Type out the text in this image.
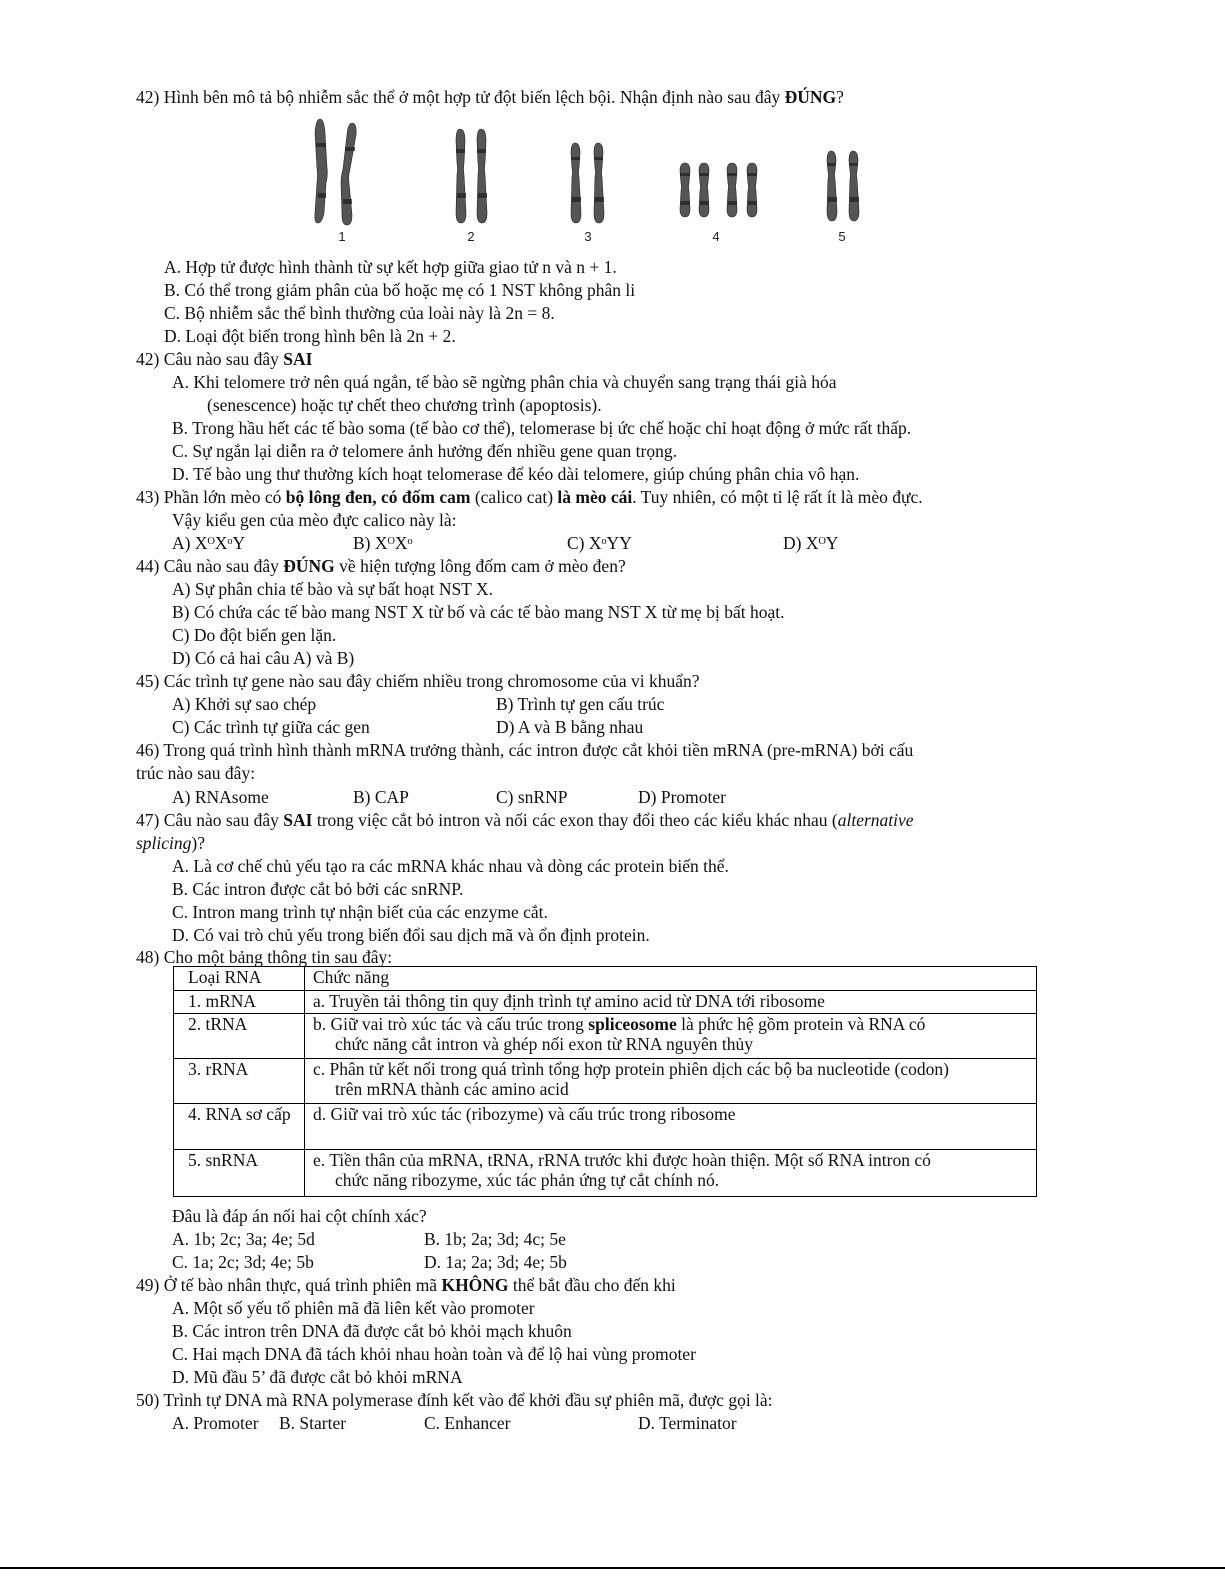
42) Hình bên mô tả bộ nhiễm sắc thể ở một hợp tử đột biến lệch bội. Nhận định nào sau đây ĐÚNG?
1	2	3	4	5
A. Hợp tử được hình thành từ sự kết hợp giữa giao tử n và n + 1.
B. Có thể trong giảm phân của bố hoặc mẹ có 1 NST không phân li
C. Bộ nhiễm sắc thể bình thường của loài này là 2n = 8.
D. Loại đột biến trong hình bên là 2n + 2.
42) Câu nào sau đây SAI
A. Khi telomere trở nên quá ngắn, tế bào sẽ ngừng phân chia và chuyển sang trạng thái già hóa
(senescence) hoặc tự chết theo chương trình (apoptosis).
B. Trong hầu hết các tế bào soma (tế bào cơ thể), telomerase bị ức chế hoặc chỉ hoạt động ở mức rất thấp.
C. Sự ngắn lại diễn ra ở telomere ảnh hưởng đến nhiều gene quan trọng.
D. Tế bào ung thư thường kích hoạt telomerase để kéo dài telomere, giúp chúng phân chia vô hạn.
43) Phần lớn mèo có bộ lông đen, có đốm cam (calico cat) là mèo cái. Tuy nhiên, có một tỉ lệ rất ít là mèo đực.
Vậy kiểu gen của mèo đực calico này là:
A) XᴼXᵒY	B) XᴼXᵒ	C) XᵒYY	D) XᴼY
44) Câu nào sau đây ĐÚNG về hiện tượng lông đốm cam ở mèo đen?
A) Sự phân chia tế bào và sự bất hoạt NST X.
B) Có chứa các tế bào mang NST X từ bố và các tế bào mang NST X từ mẹ bị bất hoạt.
C) Do đột biến gen lặn.
D) Có cả hai câu A) và B)
45) Các trình tự gene nào sau đây chiếm nhiều trong chromosome của vi khuẩn?
A) Khởi sự sao chép	B) Trình tự gen cấu trúc
C) Các trình tự giữa các gen	D) A và B bằng nhau
46) Trong quá trình hình thành mRNA trưởng thành, các intron được cắt khỏi tiền mRNA (pre-mRNA) bởi cấu
trúc nào sau đây:
A) RNAsome	B) CAP	C) snRNP	D) Promoter
47) Câu nào sau đây SAI trong việc cắt bỏ intron và nối các exon thay đổi theo các kiểu khác nhau (alternative
splicing)?
A. Là cơ chế chủ yếu tạo ra các mRNA khác nhau và dòng các protein biến thể.
B. Các intron được cắt bỏ bởi các snRNP.
C. Intron mang trình tự nhận biết của các enzyme cắt.
D. Có vai trò chủ yếu trong biến đổi sau dịch mã và ổn định protein.
48) Cho một bảng thông tin sau đây:
Loại RNA	Chức năng
1. mRNA	a. Truyền tải thông tin quy định trình tự amino acid từ DNA tới ribosome
2. tRNA	b. Giữ vai trò xúc tác và cấu trúc trong spliceosome là phức hệ gồm protein và RNA có
chức năng cắt intron và ghép nối exon từ RNA nguyên thủy

3. rRNA	c. Phân tử kết nối trong quá trình tổng hợp protein phiên dịch các bộ ba nucleotide (codon)
trên mRNA thành các amino acid

4. RNA sơ cấp	d. Giữ vai trò xúc tác (ribozyme) và cấu trúc trong ribosome
5. snRNA	e. Tiền thân của mRNA, tRNA, rRNA trước khi được hoàn thiện. Một số RNA intron có
chức năng ribozyme, xúc tác phản ứng tự cắt chính nó.
Đâu là đáp án nối hai cột chính xác?
A. 1b; 2c; 3a; 4e; 5d	B. 1b; 2a; 3d; 4c; 5e
C. 1a; 2c; 3d; 4e; 5b	D. 1a; 2a; 3d; 4e; 5b
49) Ở tế bào nhân thực, quá trình phiên mã KHÔNG thể bắt đầu cho đến khi
A. Một số yếu tố phiên mã đã liên kết vào promoter
B. Các intron trên DNA đã được cắt bỏ khỏi mạch khuôn
C. Hai mạch DNA đã tách khỏi nhau hoàn toàn và để lộ hai vùng promoter
D. Mũ đầu 5’ đã được cắt bỏ khỏi mRNA
50) Trình tự DNA mà RNA polymerase đính kết vào để khởi đầu sự phiên mã, được gọi là:
A. Promoter B. Starter	C. Enhancer	D. Terminator
